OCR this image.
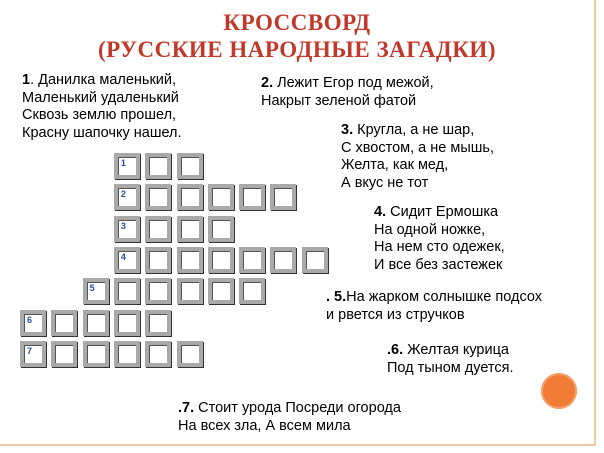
КРОССВОРД
(РУССКИЕ НАРОДНЫЕ ЗАГАДКИ)
1. Данилка маленький,
Маленький удаленький
Сквозь землю прошел,
Красну шапочку нашел.
2. Лежит Егор под межой,
Накрыт зеленой фатой
3. Кругла, а не шар,
С хвостом, а не мышь,
Желта, как мед,
А вкус не тот
4. Сидит Ермошка
На одной ножке,
На нем сто одежек,
И все без застежек
. 5.На жарком солнышке подсох
и рвется из стручков
.6. Желтая курица
Под тыном дуется.
.7. Стоит урода Посреди огорода
На всех зла, А всем мила
1
2
3
4
5
6
7
